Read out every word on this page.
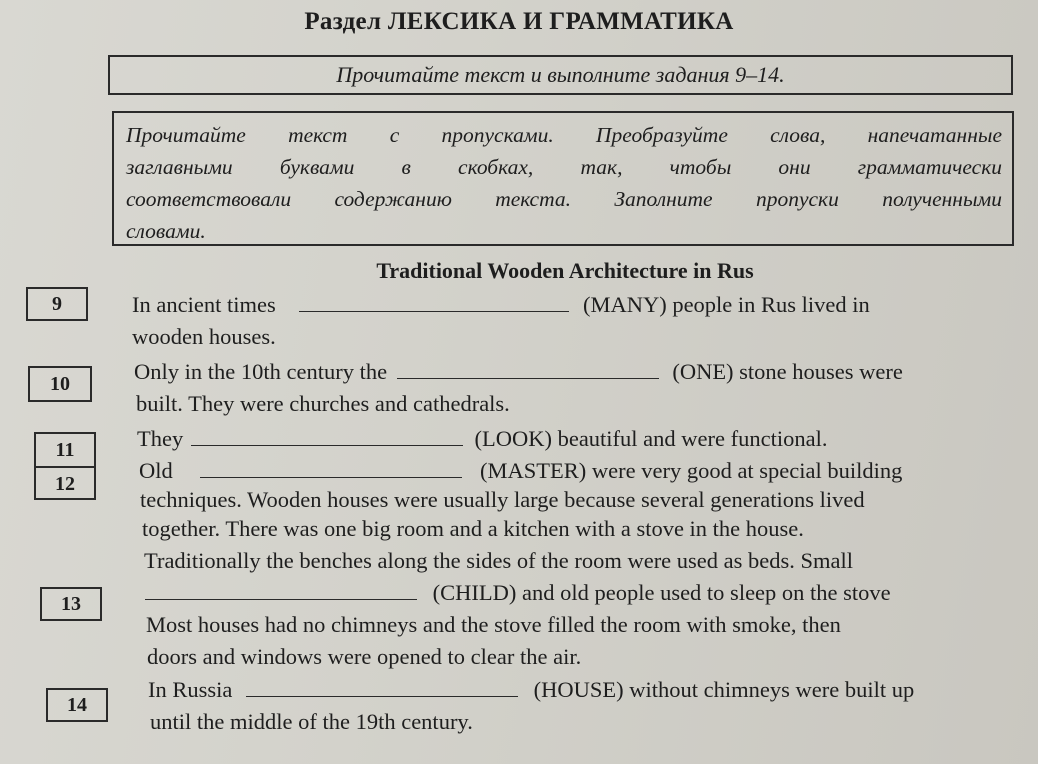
Раздел ЛЕКСИКА И ГРАММАТИКА
Прочитайте текст и выполните задания 9–14.
Прочитайте текст с пропусками. Преобразуйте слова, напечатанные
заглавными буквами в скобках, так, чтобы они грамматически
соответствовали содержанию текста. Заполните пропуски полученными
словами.
Traditional Wooden Architecture in Rus
9
10
11
12
13
14
In ancient times	(MANY) people in Rus lived in
wooden houses.
Only in the 10th century the	(ONE) stone houses were
built. They were churches and cathedrals.
They	(LOOK) beautiful and were functional.
Old	(MASTER) were very good at special building
techniques. Wooden houses were usually large because several generations lived
together. There was one big room and a kitchen with a stove in the house.
Traditionally the benches along the sides of the room were used as beds. Small
(CHILD) and old people used to sleep on the stove
Most houses had no chimneys and the stove filled the room with smoke, then
doors and windows were opened to clear the air.
In Russia	(HOUSE) without chimneys were built up
until the middle of the 19th century.
